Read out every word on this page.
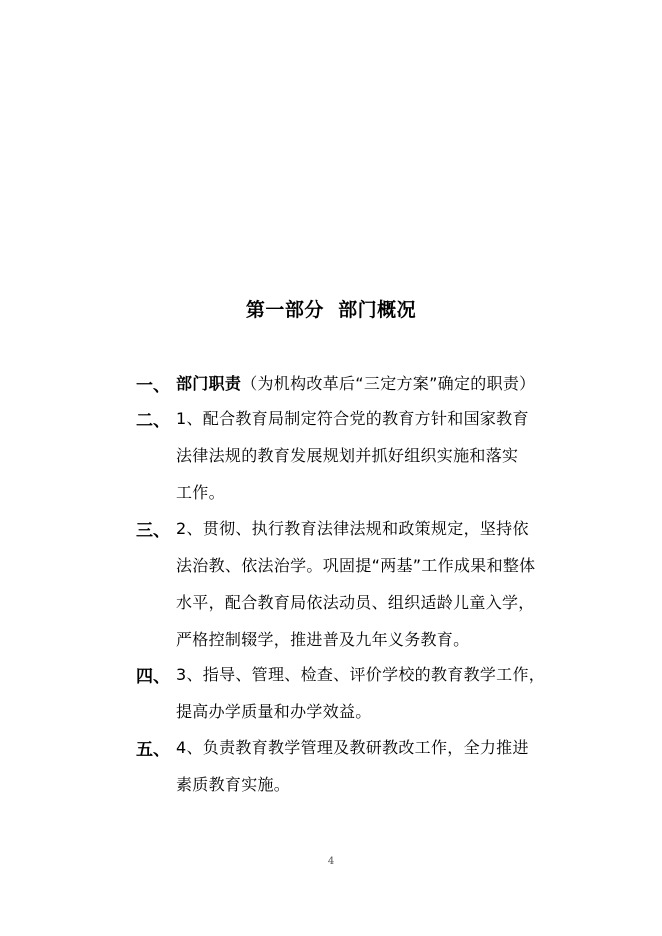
第一部分  部门概况
一、 部门职责（为机构改革后“三定方案”确定的职责）
二、 1、配合教育局制定符合党的教育方针和国家教育
法律法规的教育发展规划并抓好组织实施和落实
工作。
三、 2、贯彻、执行教育法律法规和政策规定，坚持依
法治教、依法治学。巩固提“两基”工作成果和整体
水平，配合教育局依法动员、组织适龄儿童入学，
严格控制辍学，推进普及九年义务教育。
四、 3、指导、管理、检查、评价学校的教育教学工作，
提高办学质量和办学效益。
五、 4、负责教育教学管理及教研教改工作，全力推进
素质教育实施。
4
